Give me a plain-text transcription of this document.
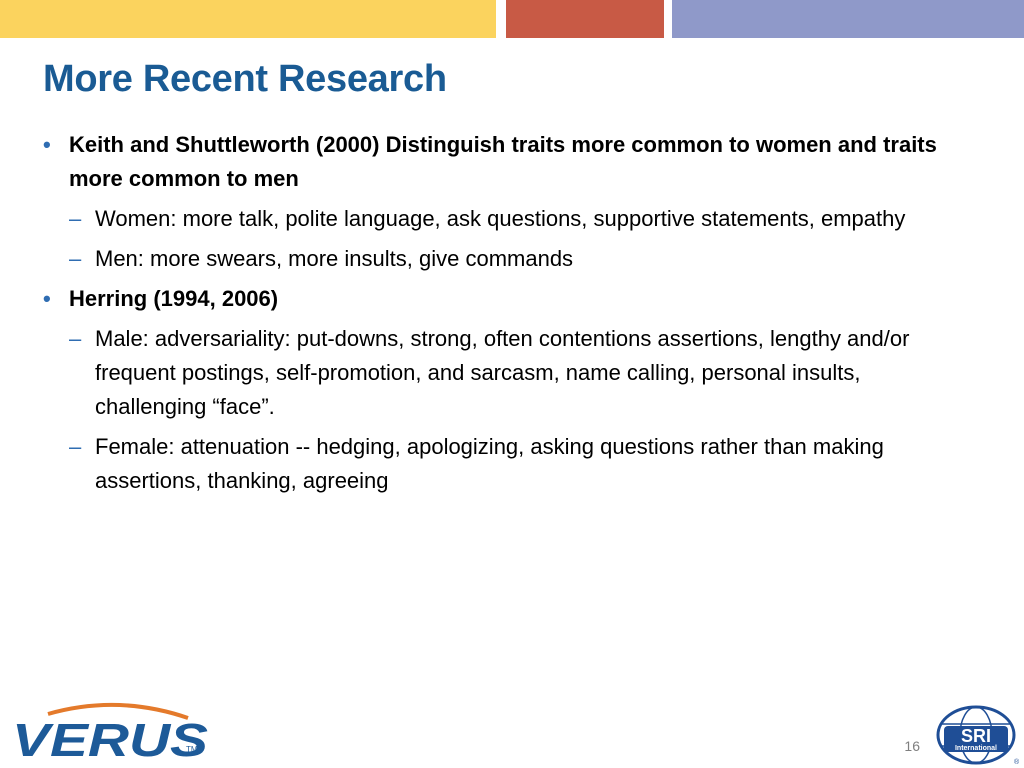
More Recent Research
• Keith and Shuttleworth (2000) Distinguish traits more common to women and traits more common to men
– Women: more talk, polite language, ask questions, supportive statements, empathy
– Men: more swears, more insults, give commands
• Herring (1994, 2006)
– Male: adversariality: put-downs, strong, often contentions assertions, lengthy and/or frequent postings, self-promotion, and sarcasm, name calling, personal insults, challenging “face”.
– Female: attenuation -- hedging, apologizing, asking questions rather than making assertions, thanking, agreeing
VERUS
TM	16 SRI
International
®
